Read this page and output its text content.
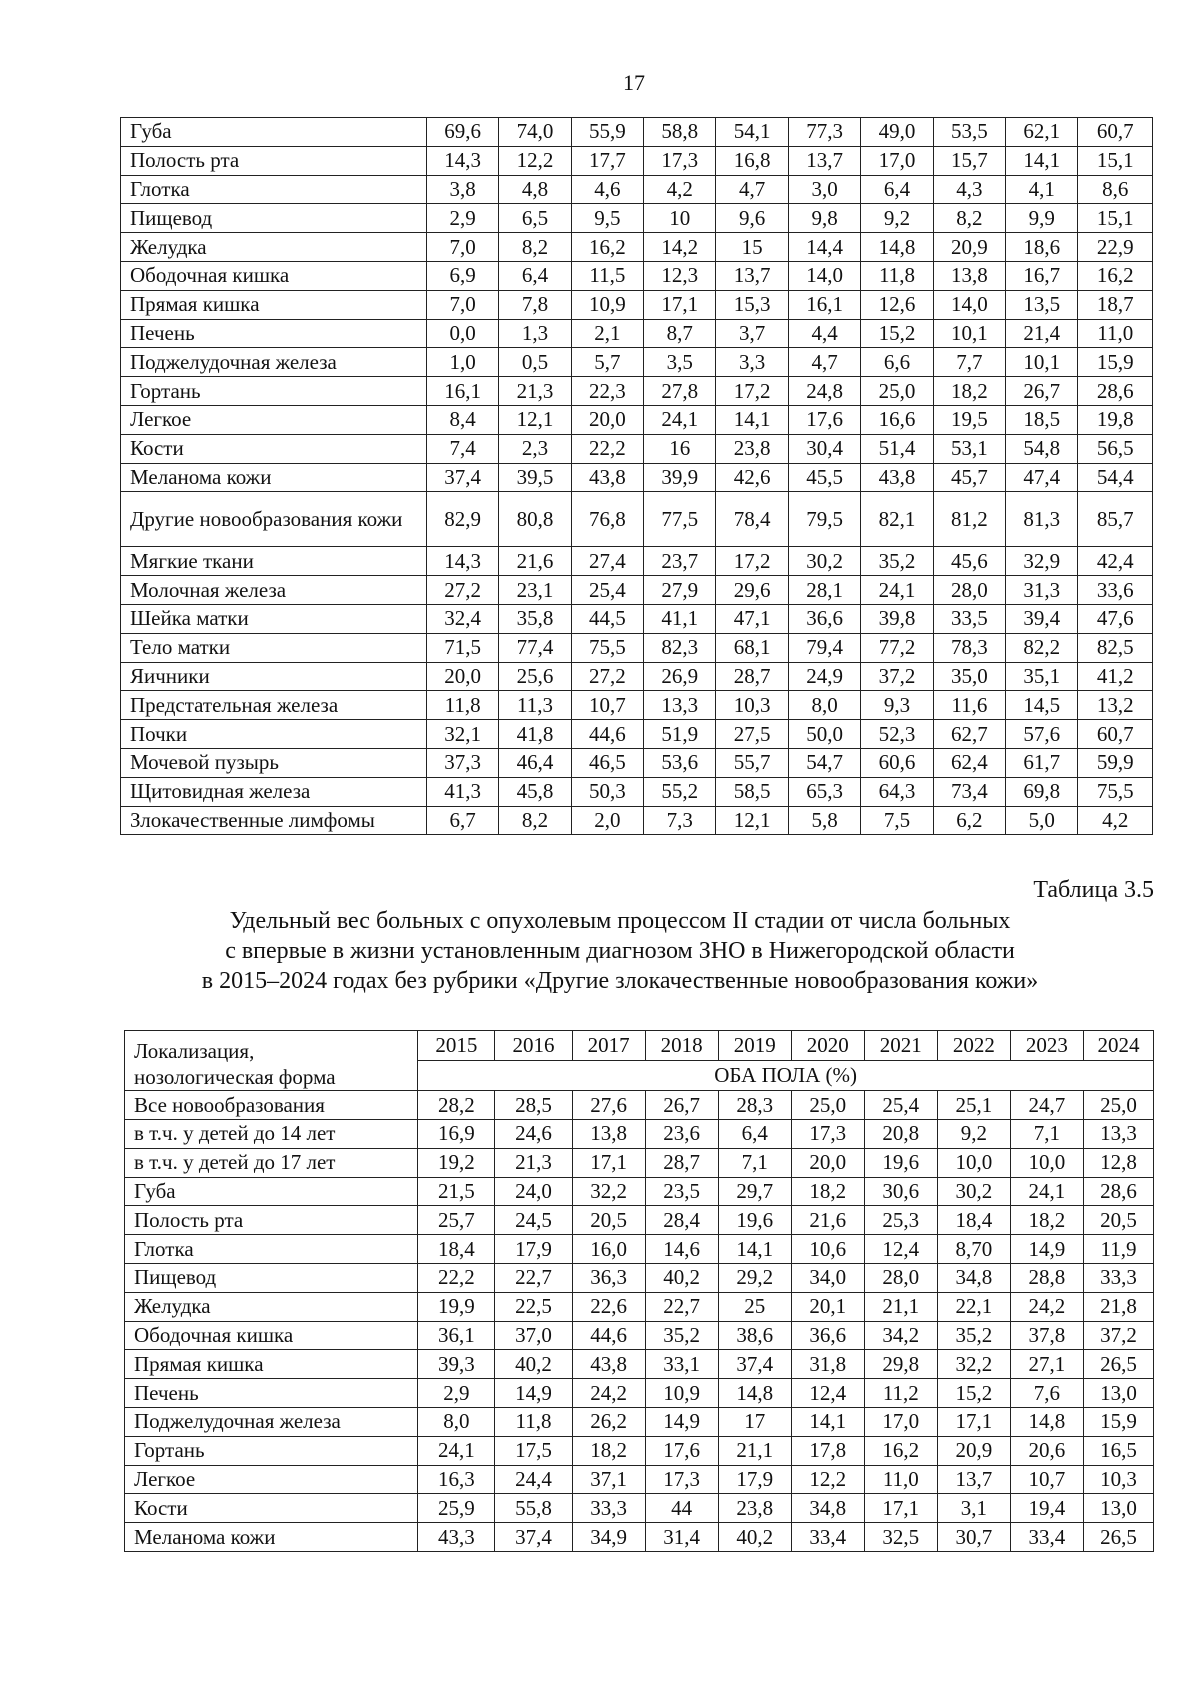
17
Губа	69,6	74,0	55,9	58,8	54,1	77,3	49,0	53,5	62,1	60,7
Полость рта	14,3	12,2	17,7	17,3	16,8	13,7	17,0	15,7	14,1	15,1
Глотка	3,8	4,8	4,6	4,2	4,7	3,0	6,4	4,3	4,1	8,6
Пищевод	2,9	6,5	9,5	10	9,6	9,8	9,2	8,2	9,9	15,1
Желудка	7,0	8,2	16,2	14,2	15	14,4	14,8	20,9	18,6	22,9
Ободочная кишка	6,9	6,4	11,5	12,3	13,7	14,0	11,8	13,8	16,7	16,2
Прямая кишка	7,0	7,8	10,9	17,1	15,3	16,1	12,6	14,0	13,5	18,7
Печень	0,0	1,3	2,1	8,7	3,7	4,4	15,2	10,1	21,4	11,0
Поджелудочная железа	1,0	0,5	5,7	3,5	3,3	4,7	6,6	7,7	10,1	15,9
Гортань	16,1	21,3	22,3	27,8	17,2	24,8	25,0	18,2	26,7	28,6
Легкое	8,4	12,1	20,0	24,1	14,1	17,6	16,6	19,5	18,5	19,8
Кости	7,4	2,3	22,2	16	23,8	30,4	51,4	53,1	54,8	56,5
Меланома кожи	37,4	39,5	43,8	39,9	42,6	45,5	43,8	45,7	47,4	54,4
Другие новообразования кожи	82,9	80,8	76,8	77,5	78,4	79,5	82,1	81,2	81,3	85,7
Мягкие ткани	14,3	21,6	27,4	23,7	17,2	30,2	35,2	45,6	32,9	42,4
Молочная железа	27,2	23,1	25,4	27,9	29,6	28,1	24,1	28,0	31,3	33,6
Шейка матки	32,4	35,8	44,5	41,1	47,1	36,6	39,8	33,5	39,4	47,6
Тело матки	71,5	77,4	75,5	82,3	68,1	79,4	77,2	78,3	82,2	82,5
Яичники	20,0	25,6	27,2	26,9	28,7	24,9	37,2	35,0	35,1	41,2
Предстательная железа	11,8	11,3	10,7	13,3	10,3	8,0	9,3	11,6	14,5	13,2
Почки	32,1	41,8	44,6	51,9	27,5	50,0	52,3	62,7	57,6	60,7
Мочевой пузырь	37,3	46,4	46,5	53,6	55,7	54,7	60,6	62,4	61,7	59,9
Щитовидная железа	41,3	45,8	50,3	55,2	58,5	65,3	64,3	73,4	69,8	75,5
Злокачественные лимфомы	6,7	8,2	2,0	7,3	12,1	5,8	7,5	6,2	5,0	4,2
Таблица 3.5
Удельный вес больных с опухолевым процессом II стадии от числа больных
с впервые в жизни установленным диагнозом ЗНО в Нижегородской области
в 2015–2024 годах без рубрики «Другие злокачественные новообразования кожи»
Локализация,
нозологическая форма	2015	2016	2017	2018	2019	2020	2021	2022	2023	2024
	ОБА ПОЛА (%)									
Все новообразования	28,2	28,5	27,6	26,7	28,3	25,0	25,4	25,1	24,7	25,0
в т.ч. у детей до 14 лет	16,9	24,6	13,8	23,6	6,4	17,3	20,8	9,2	7,1	13,3
в т.ч. у детей до 17 лет	19,2	21,3	17,1	28,7	7,1	20,0	19,6	10,0	10,0	12,8
Губа	21,5	24,0	32,2	23,5	29,7	18,2	30,6	30,2	24,1	28,6
Полость рта	25,7	24,5	20,5	28,4	19,6	21,6	25,3	18,4	18,2	20,5
Глотка	18,4	17,9	16,0	14,6	14,1	10,6	12,4	8,70	14,9	11,9
Пищевод	22,2	22,7	36,3	40,2	29,2	34,0	28,0	34,8	28,8	33,3
Желудка	19,9	22,5	22,6	22,7	25	20,1	21,1	22,1	24,2	21,8
Ободочная кишка	36,1	37,0	44,6	35,2	38,6	36,6	34,2	35,2	37,8	37,2
Прямая кишка	39,3	40,2	43,8	33,1	37,4	31,8	29,8	32,2	27,1	26,5
Печень	2,9	14,9	24,2	10,9	14,8	12,4	11,2	15,2	7,6	13,0
Поджелудочная железа	8,0	11,8	26,2	14,9	17	14,1	17,0	17,1	14,8	15,9
Гортань	24,1	17,5	18,2	17,6	21,1	17,8	16,2	20,9	20,6	16,5
Легкое	16,3	24,4	37,1	17,3	17,9	12,2	11,0	13,7	10,7	10,3
Кости	25,9	55,8	33,3	44	23,8	34,8	17,1	3,1	19,4	13,0
Меланома кожи	43,3	37,4	34,9	31,4	40,2	33,4	32,5	30,7	33,4	26,5
